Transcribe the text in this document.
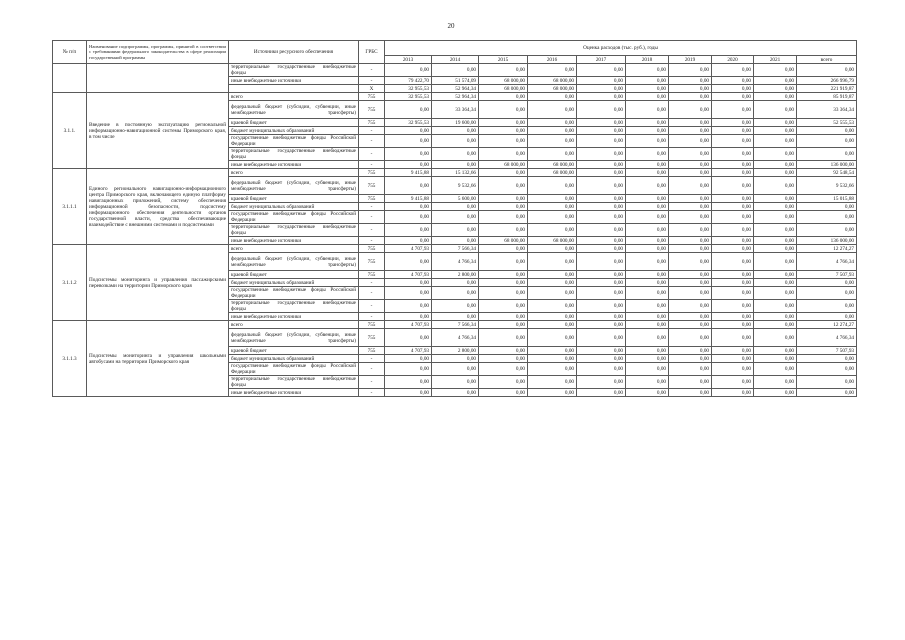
20
№ п/п	Наименование подпрограммы, программы, принятой в соответствии с требованиями федерального законодательства в сфере реализации государственной программы	Источники ресурсного обеспечения	ГРБС	Оценка расходов (тыс. руб.), годы									
				2013	2014	2015	2016	2017	2018	2019	2020	2021	всего
		территориальные государственные внебюджетные фонды	-	0,00	0,00	0,00	0,00	0,00	0,00	0,00	0,00	0,00	0,00
		иные внебюджетные источники	-	79 422,70	51 574,09	68 000,00	68 000,00	0,00	0,00	0,00	0,00	0,00	266 996,79
			X	32 955,53	52 964,34	68 000,00	68 000,00	0,00	0,00	0,00	0,00	0,00	221 919,87
3.1.1.	Введение в постоянную эксплуатацию региональной информационно-навигационной системы Приморского края, в том числе	всего	755	32 955,53	52 964,34	0,00	0,00	0,00	0,00	0,00	0,00	0,00	85 919,87
		федеральный бюджет (субсидии, субвенции, иные межбюджетные трансферты)	755	0,00	33 364,34	0,00	0,00	0,00	0,00	0,00	0,00	0,00	33 364,34
		краевой бюджет	755	32 955,53	19 600,00	0,00	0,00	0,00	0,00	0,00	0,00	0,00	52 555,53
		бюджет муниципальных образований	-	0,00	0,00	0,00	0,00	0,00	0,00	0,00	0,00	0,00	0,00
		государственные внебюджетные фонды Российской Федерации	-	0,00	0,00	0,00	0,00	0,00	0,00	0,00	0,00	0,00	0,00
		территориальные государственные внебюджетные фонды	-	0,00	0,00	0,00	0,00	0,00	0,00	0,00	0,00	0,00	0,00
		иные внебюджетные источники	-	0,00	0,00	68 000,00	68 000,00	0,00	0,00	0,00	0,00	0,00	136 000,00
3.1.1.1	Единого регионального навигационно-информационного центра Приморского края, включающего единую платформу навигационных приложений, систему обеспечения информационной безопасности, подсистему информационного обеспечения деятельности органов государственной власти, средства обеспечивающие взаимодействие с внешними системами и подсистемами	всего	755	9 415,88	15 132,66	0,00	68 000,00	0,00	0,00	0,00	0,00	0,00	92 548,54
		федеральный бюджет (субсидии, субвенции, иные межбюджетные трансферты)	755	0,00	9 532,66	0,00	0,00	0,00	0,00	0,00	0,00	0,00	9 532,66
		краевой бюджет	755	9 415,88	5 600,00	0,00	0,00	0,00	0,00	0,00	0,00	0,00	15 015,88
		бюджет муниципальных образований	-	0,00	0,00	0,00	0,00	0,00	0,00	0,00	0,00	0,00	0,00
		государственные внебюджетные фонды Российской Федерации	-	0,00	0,00	0,00	0,00	0,00	0,00	0,00	0,00	0,00	0,00
		территориальные государственные внебюджетные фонды	-	0,00	0,00	0,00	0,00	0,00	0,00	0,00	0,00	0,00	0,00
		иные внебюджетные источники	-	0,00	0,00	68 000,00	68 000,00	0,00	0,00	0,00	0,00	0,00	136 000,00
3.1.1.2	Подсистемы мониторинга и управления пассажирскими перевозками на территории Приморского края	всего	755	4 707,93	7 566,34	0,00	0,00	0,00	0,00	0,00	0,00	0,00	12 274,27
		федеральный бюджет (субсидии, субвенции, иные межбюджетные трансферты)	755	0,00	4 766,34	0,00	0,00	0,00	0,00	0,00	0,00	0,00	4 766,34
		краевой бюджет	755	4 707,93	2 800,00	0,00	0,00	0,00	0,00	0,00	0,00	0,00	7 507,93
		бюджет муниципальных образований	-	0,00	0,00	0,00	0,00	0,00	0,00	0,00	0,00	0,00	0,00
		государственные внебюджетные фонды Российской Федерации	-	0,00	0,00	0,00	0,00	0,00	0,00	0,00	0,00	0,00	0,00
		территориальные государственные внебюджетные фонды	-	0,00	0,00	0,00	0,00	0,00	0,00	0,00	0,00	0,00	0,00
		иные внебюджетные источники	-	0,00	0,00	0,00	0,00	0,00	0,00	0,00	0,00	0,00	0,00
3.1.1.3	Подсистемы мониторинга и управления школьными автобусами на территории Приморского края	всего	755	4 707,93	7 566,34	0,00	0,00	0,00	0,00	0,00	0,00	0,00	12 274,27
		федеральный бюджет (субсидии, субвенции, иные межбюджетные трансферты)	755	0,00	4 766,34	0,00	0,00	0,00	0,00	0,00	0,00	0,00	4 766,34
		краевой бюджет	755	4 707,93	2 800,00	0,00	0,00	0,00	0,00	0,00	0,00	0,00	7 507,93
		бюджет муниципальных образований	-	0,00	0,00	0,00	0,00	0,00	0,00	0,00	0,00	0,00	0,00
		государственные внебюджетные фонды Российской Федерации	-	0,00	0,00	0,00	0,00	0,00	0,00	0,00	0,00	0,00	0,00
		территориальные государственные внебюджетные фонды	-	0,00	0,00	0,00	0,00	0,00	0,00	0,00	0,00	0,00	0,00
		иные внебюджетные источники	-	0,00	0,00	0,00	0,00	0,00	0,00	0,00	0,00	0,00	0,00
